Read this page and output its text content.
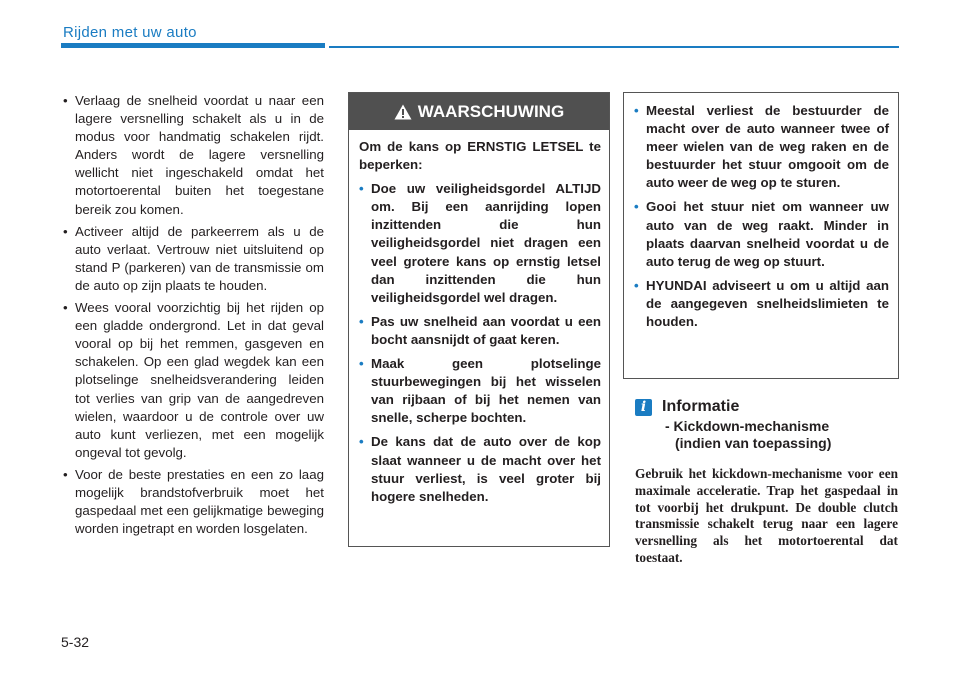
Rijden met uw auto
• Verlaag de snelheid voordat u naar een lagere versnelling schakelt als u in de modus voor handmatig schakelen rijdt. Anders wordt de lagere versnelling wellicht niet ingeschakeld omdat het motortoerental buiten het toegestane bereik zou komen.
• Activeer altijd de parkeerrem als u de auto verlaat. Vertrouw niet uitsluitend op stand P (parkeren) van de transmissie om de auto op zijn plaats te houden.
• Wees vooral voorzichtig bij het rijden op een gladde ondergrond. Let in dat geval vooral op bij het remmen, gasgeven en schakelen. Op een glad wegdek kan een plotselinge snelheidsverandering leiden tot verlies van grip van de aangedreven wielen, waardoor u de controle over uw auto kunt verliezen, met een mogelijk ongeval tot gevolg.
• Voor de beste prestaties en een zo laag mogelijk brandstofverbruik moet het gaspedaal met een gelijkmatige beweging worden ingetrapt en worden losgelaten.
WAARSCHUWING

Om de kans op ERNSTIG LETSEL te beperken:

• Doe uw veiligheidsgordel ALTIJD om. Bij een aanrijding lopen inzittenden die hun veiligheidsgordel niet dragen een veel grotere kans op ernstig letsel dan inzittenden die hun veiligheidsgordel wel dragen.
• Pas uw snelheid aan voordat u een bocht aansnijdt of gaat keren.
• Maak geen plotselinge stuurbewegingen bij het wisselen van rijbaan of bij het nemen van snelle, scherpe bochten.
• De kans dat de auto over de kop slaat wanneer u de macht over het stuur verliest, is veel groter bij hogere snelheden.
• Meestal verliest de bestuurder de macht over de auto wanneer twee of meer wielen van de weg raken en de bestuurder het stuur omgooit om de auto weer de weg op te sturen.
• Gooi het stuur niet om wanneer uw auto van de weg raakt. Minder in plaats daarvan snelheid voordat u de auto terug de weg op stuurt.
• HYUNDAI adviseert u om u altijd aan de aangegeven snelheidslimieten te houden.
i Informatie
- Kickdown-mechanisme
(indien van toepassing)
Gebruik het kickdown-mechanisme voor een maximale acceleratie. Trap het gaspedaal in tot voorbij het drukpunt. De double clutch transmissie schakelt terug naar een lagere versnelling als het motortoerental dat toestaat.
5-32
